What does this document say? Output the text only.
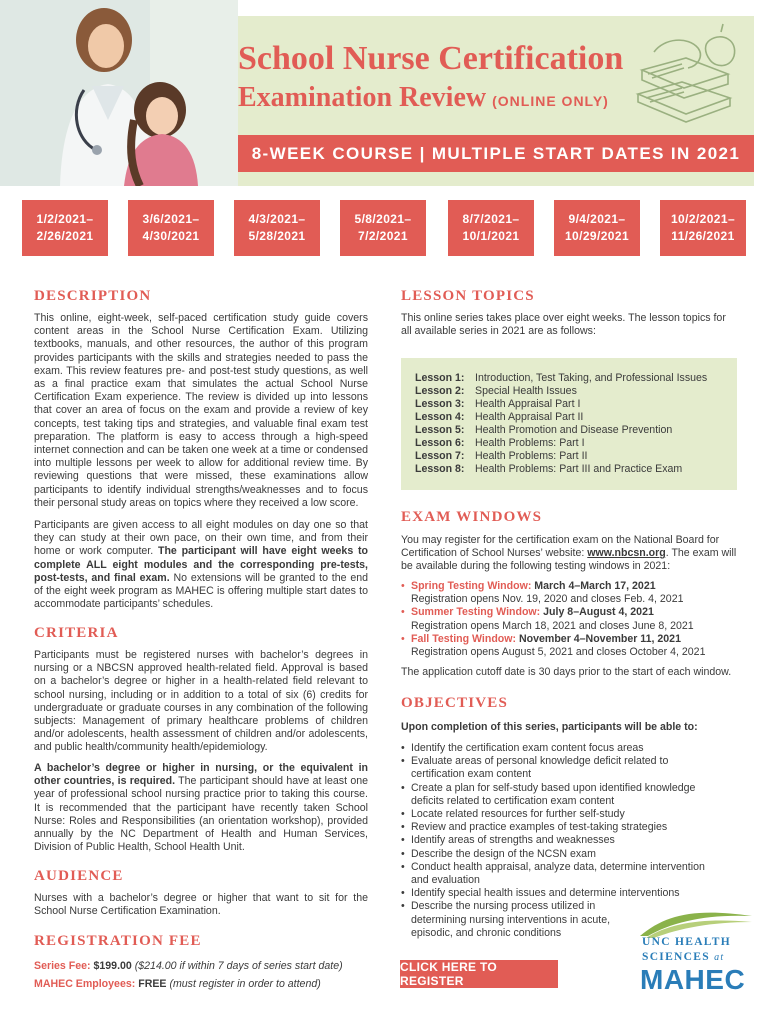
School Nurse Certification
Examination Review (ONLINE ONLY)
8-WEEK COURSE | MULTIPLE START DATES IN 2021
1/2/2021–
2/26/2021
3/6/2021–
4/30/2021
4/3/2021–
5/28/2021
5/8/2021–
7/2/2021
8/7/2021–
10/1/2021
9/4/2021–
10/29/2021
10/2/2021–
11/26/2021
DESCRIPTION

This online, eight-week, self-paced certification study guide covers content areas in the School Nurse Certification Exam. Utilizing textbooks, manuals, and other resources, the author of this program provides participants with the skills and strategies needed to pass the exam. This review features pre- and post-test study questions, as well as a final practice exam that simulates the actual School Nurse Certification Exam experience. The review is divided up into lessons that cover an area of focus on the exam and provide a review of key concepts, test taking tips and strategies, and valuable final exam test preparation. The platform is easy to access through a high-speed internet connection and can be taken one week at a time or condensed into multiple lessons per week to allow for additional review time. By reviewing questions that were missed, these examinations allow participants to identify individual strengths/weaknesses and to focus their personal study areas on topics where they received a low score.

Participants are given access to all eight modules on day one so that they can study at their own pace, on their own time, and from their home or work computer. The participant will have eight weeks to complete ALL eight modules and the corresponding pre-tests, post-tests, and final exam. No extensions will be granted to the end of the eight week program as MAHEC is offering multiple start dates to accommodate participants’ schedules.

CRITERIA

Participants must be registered nurses with bachelor’s degrees in nursing or a NBCSN approved health-related field. Approval is based on a bachelor’s degree or higher in a health-related field relevant to school nursing, including or in addition to a total of six (6) credits for undergraduate or graduate courses in any combination of the following subjects: Management of primary healthcare problems of children and/or adolescents, health assessment of children and/or adolescents, and public health/community health/epidemiology.

A bachelor’s degree or higher in nursing, or the equivalent in other countries, is required. The participant should have at least one year of professional school nursing practice prior to taking this course. It is recommended that the participant have recently taken School Nurse: Roles and Responsibilities (an orientation workshop), provided annually by the NC Department of Health and Human Services, Division of Public Health, School Health Unit.

AUDIENCE

Nurses with a bachelor’s degree or higher that want to sit for the School Nurse Certification Examination.

REGISTRATION FEE

Series Fee: $199.00 ($214.00 if within 7 days of series start date)

MAHEC Employees: FREE (must register in order to attend)

LESSON TOPICS

This online series takes place over eight weeks. The lesson topics for all available series in 2021 are as follows:

EXAM WINDOWS

You may register for the certification exam on the National Board for Certification of School Nurses’ website: www.nbcsn.org. The exam will be available during the following testing windows in 2021:

• Spring Testing Window: March 4–March 17, 2021
Registration opens Nov. 19, 2020 and closes Feb. 4, 2021
• Summer Testing Window: July 8–August 4, 2021
Registration opens March 18, 2021 and closes June 8, 2021
• Fall Testing Window: November 4–November 11, 2021
Registration opens August 5, 2021 and closes October 4, 2021

The application cutoff date is 30 days prior to the start of each window.

OBJECTIVES

Upon completion of this series, participants will be able to:

• Identify the certification exam content focus areas
• Evaluate areas of personal knowledge deficit related to certification exam content
• Create a plan for self-study based upon identified knowledge deficits related to certification exam content
• Locate related resources for further self-study
• Review and practice examples of test-taking strategies
• Identify areas of strengths and weaknesses
• Describe the design of the NCSN exam
• Conduct health appraisal, analyze data, determine intervention and evaluation
• Identify special health issues and determine interventions
• Describe the nursing process utilized in determining nursing interventions in acute, episodic, and chronic conditions
Lesson 1: Introduction, Test Taking, and Professional Issues
Lesson 2: Special Health Issues
Lesson 3: Health Appraisal Part I
Lesson 4: Health Appraisal Part II
Lesson 5: Health Promotion and Disease Prevention
Lesson 6: Health Problems: Part I
Lesson 7: Health Problems: Part II
Lesson 8: Health Problems: Part III and Practice Exam
CLICK HERE TO REGISTER
UNC HEALTH
SCIENCES at
MAHEC
